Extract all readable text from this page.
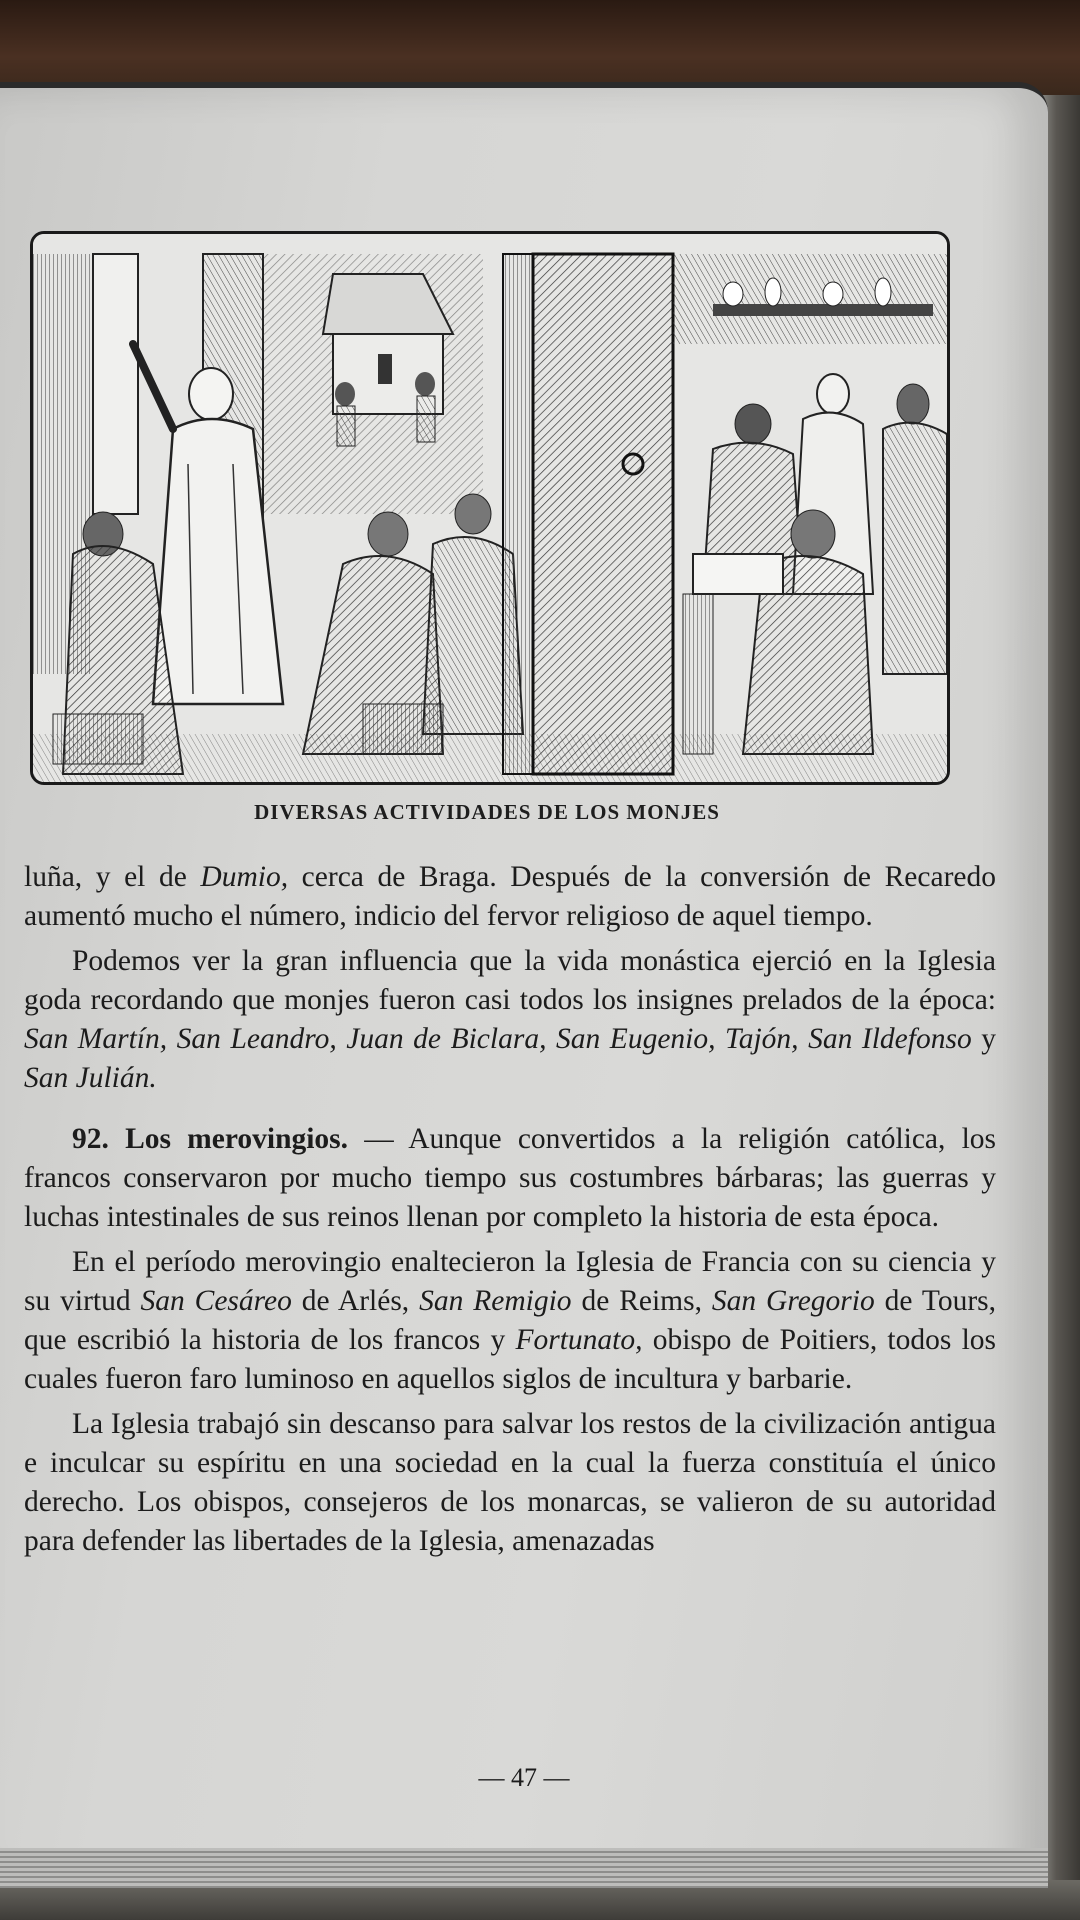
DIVERSAS ACTIVIDADES DE LOS MONJES

luña, y el de Dumio, cerca de Braga. Después de la conversión de Recaredo aumentó mucho el número, indicio del fervor religioso de aquel tiempo.

Podemos ver la gran influencia que la vida monástica ejerció en la Iglesia goda recordando que monjes fueron casi todos los insignes prelados de la época: San Martín, San Leandro, Juan de Biclara, San Eugenio, Tajón, San Ildefonso y San Julián.

92. Los merovingios. — Aunque convertidos a la religión católica, los francos conservaron por mucho tiempo sus costumbres bárbaras; las guerras y luchas intestinales de sus reinos llenan por completo la historia de esta época.

En el período merovingio enaltecieron la Iglesia de Francia con su ciencia y su virtud San Cesáreo de Arlés, San Remigio de Reims, San Gregorio de Tours, que escribió la historia de los francos y Fortunato, obispo de Poitiers, todos los cuales fueron faro luminoso en aquellos siglos de incultura y barbarie.

La Iglesia trabajó sin descanso para salvar los restos de la civilización antigua e inculcar su espíritu en una sociedad en la cual la fuerza constituía el único derecho. Los obispos, consejeros de los monarcas, se valieron de su autoridad para defender las libertades de la Iglesia, amenazadas

— 47 —
